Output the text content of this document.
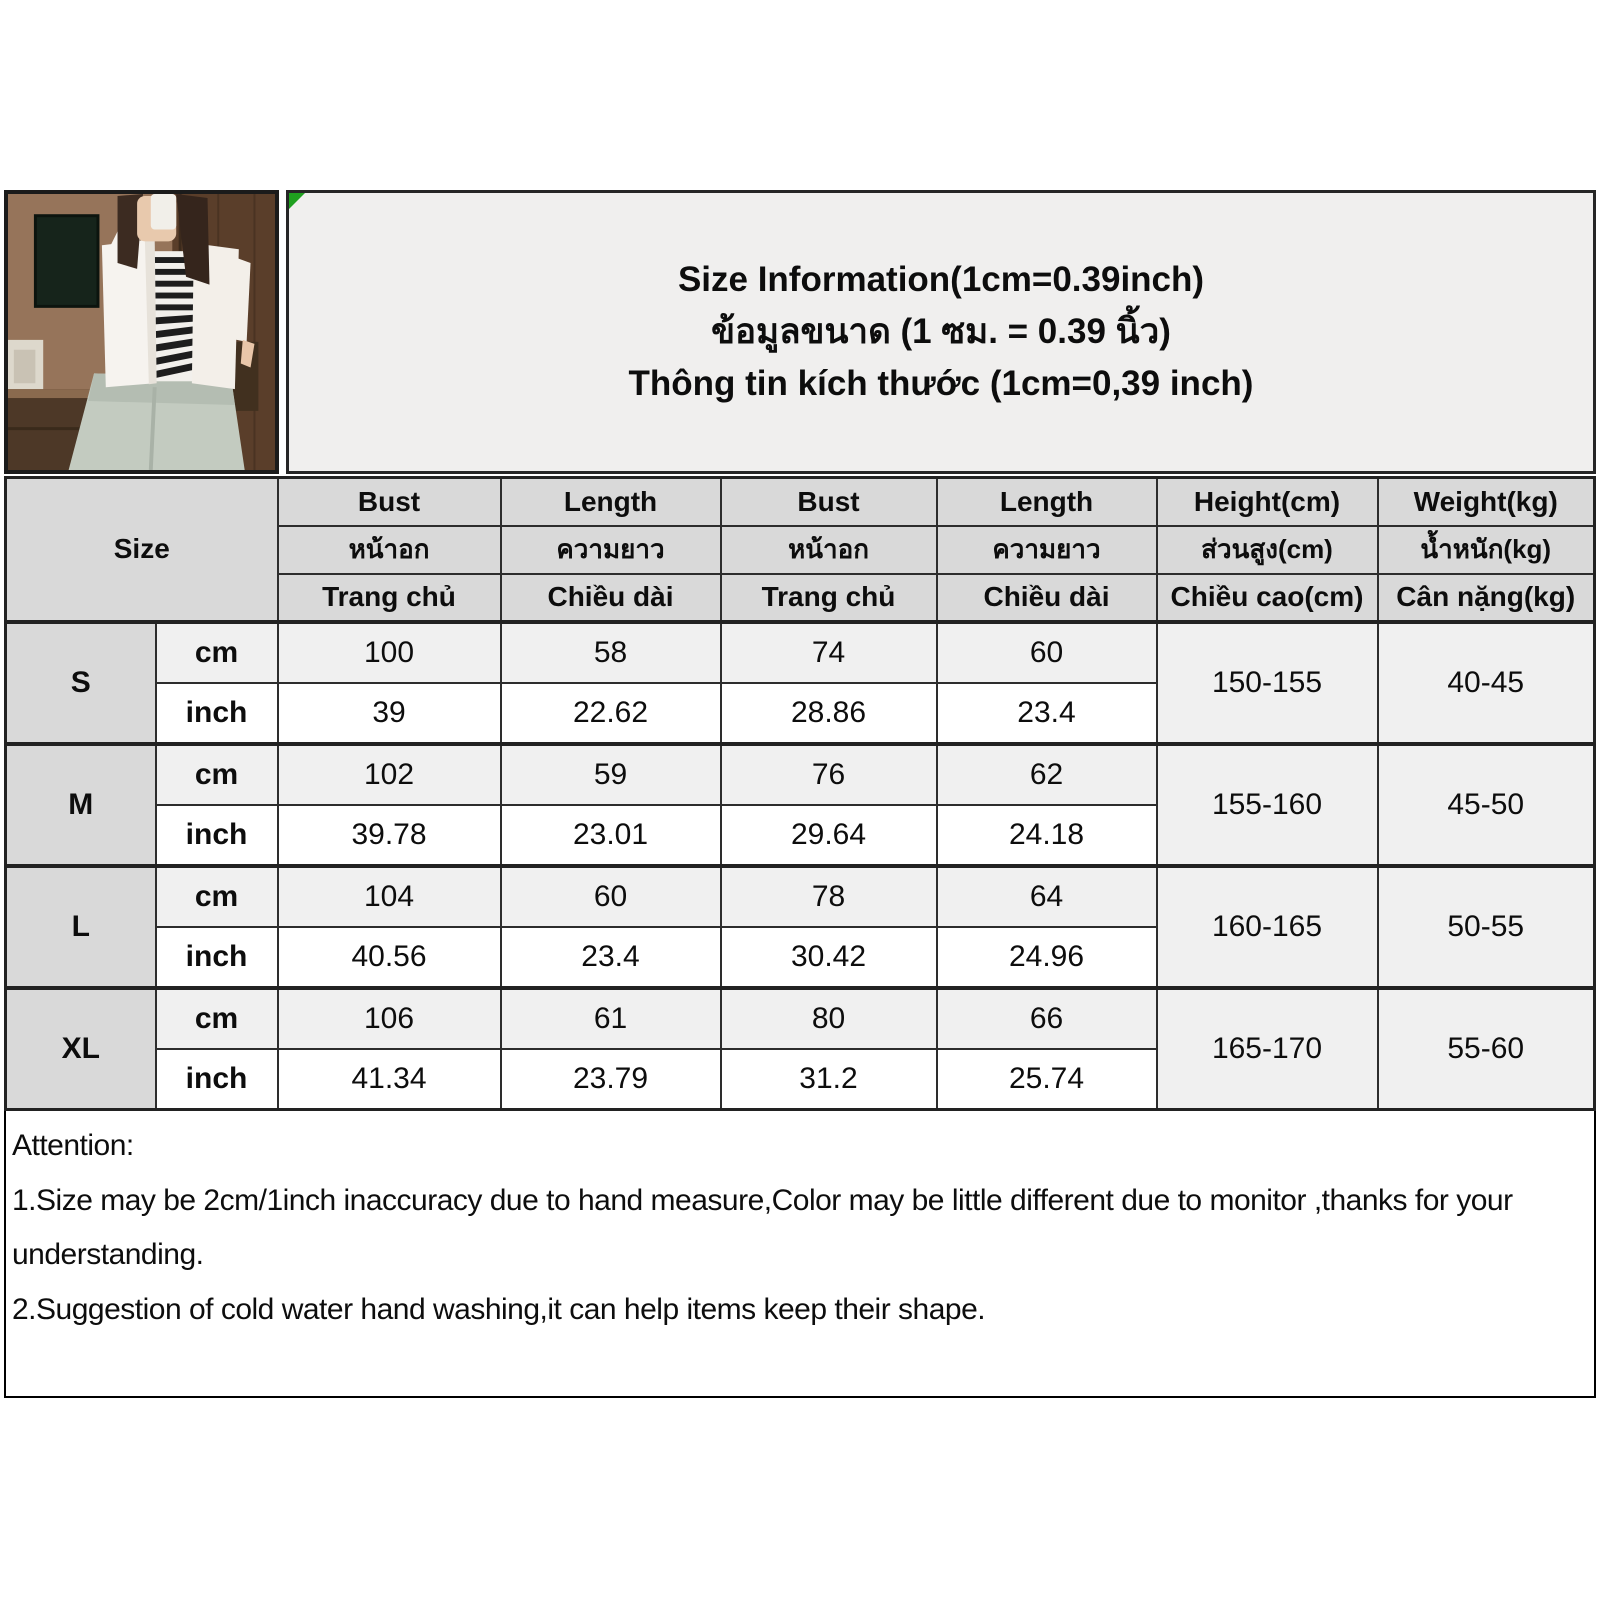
Size Information(1cm=0.39inch)
ข้อมูลขนาด (1 ซม. = 0.39 นิ้ว)
Thông tin kích thước (1cm=0,39 inch)
Size		Bust	Length	Bust	Length	Height(cm)	Weight(kg)
		หน้าอก	ความยาว	หน้าอก	ความยาว	ส่วนสูง(cm)	น้ำหนัก(kg)
		Trang chủ	Chiều dài	Trang chủ	Chiều dài	Chiều cao(cm)	Cân nặng(kg)
S	cm	100	58	74	60	150-155	40-45
	inch	39	22.62	28.86	23.4		
M	cm	102	59	76	62	155-160	45-50
	inch	39.78	23.01	29.64	24.18		
L	cm	104	60	78	64	160-165	50-55
	inch	40.56	23.4	30.42	24.96		
XL	cm	106	61	80	66	165-170	55-60
	inch	41.34	23.79	31.2	25.74		

Attention:

1.Size may be 2cm/1inch inaccuracy due to hand measure,Color may be little different due to monitor ,thanks for your understanding.

2.Suggestion of cold water hand washing,it can help items keep their shape.
